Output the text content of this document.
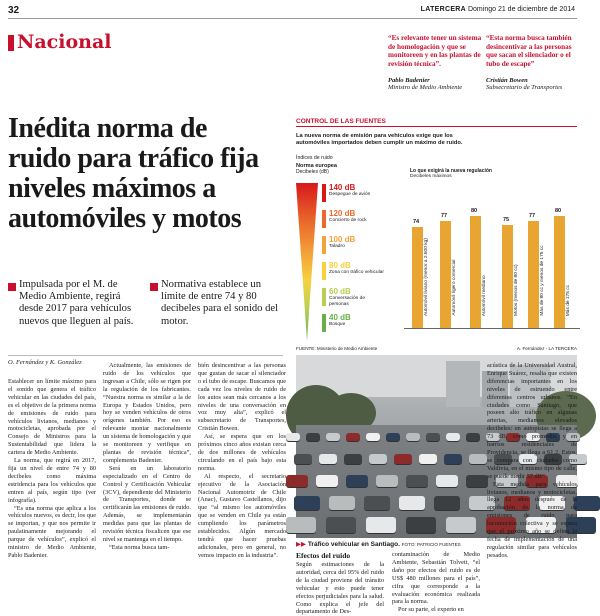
32	LATERCERA Domingo 21 de diciembre de 2014
Nacional	“Es relevante tener un sistema de homologación y que se monitoreen y en las plantas de revisión técnica”.
Pablo Badenier
Ministro de Medio Ambiente
“Esta norma busca también desincentivar a las personas que sacan el silenciador o el tubo de escape”
Cristián Bowen
Subsecretario de Transportes
Inédita norma de ruido para tráfico fija niveles máximos a automóviles y motos
Impulsada por el M. de Medio Ambiente, regirá desde 2017 para vehículos nuevos que lleguen al país.
Normativa establece un límite de entre 74 y 80 decibeles para el sonido del motor.
O. Fernández y K. González

Establecer un límite máximo para el sonido que genera el tráfico vehicular en las ciudades del país, es el objetivo de la primera norma de emisiones de ruido para vehículos livianos, medianos y motocicletas, aprobada por el Consejo de Ministros para la Sustentabilidad que lidera la cartera de Medio Ambiente.

La norma, que regirá en 2017, fija un nivel de entre 74 y 80 decibeles como máxima estridencia para los vehículos que entren al país, según tipo (ver infografía).

“Es una norma que aplica a los vehículos nuevos, es decir, los que se importan, y que nos permite ir paulatinamente mejorando el parque de vehículos”, explicó el ministro de Medio Ambiente, Pablo Badenier.

Actualmente, las emisiones de ruido de los vehículos que ingresan a Chile, sólo se rigen por la regulación de los fabricantes. “Nuestra norma es similar a la de Europa y Estados Unidos, pero hoy se venden vehículos de otros orígenes también. Por eso es relevante montar nacionalmente un sistema de homologación y que se monitoreen y verifique en plantas de revisión técnica”, complementa Badenier.

Será en un laboratorio especializado en el Centro de Control y Certificación Vehicular (3CV), dependiente del Ministerio de Transportes, donde se certificarán las emisiones de ruido. Además, se implementarán medidas para que las plantas de revisión técnica fiscalicen que ese nivel se mantenga en el tiempo.

“Esta norma busca tam-

bién desincentivar a las personas que gustan de sacar el silenciador o el tubo de escape. Buscamos que cada vez los niveles de ruido de los autos sean más cercanos a los niveles de una conversación en voz muy alta”, explicó el subsecretario de Transportes, Cristián Bowen.

Así, se espera que en los próximos cinco años existan cerca de dos millones de vehículos circulando en el país bajo esta norma.

Al respecto, el secretario ejecutivo de la Asociación Nacional Automotriz de Chile (Anac), Gustavo Castellanos, dijo que “al mismo los automóviles que se venden en Chile ya están cumpliendo los parámetros establecidos. Algún mercado tendrá que hacer pruebas adicionales, pero en general, no vemos impacto en la industria”.

CONTROL DE LAS FUENTES
La nueva norma de emisión para vehículos exige que los automóviles importados deben cumplir un máximo de ruido.
Índices de ruido
Norma europea
Decibeles (dB)
140 dB
Despegue de avión
120 dB
Concierto de rock
100 dB
Taladro
80 dB
Zona con tráfico vehicular
60 dB
Conversación de personas
40 dB
Bosque
Lo que exigirá la nueva regulación
Decibeles máximos
74
Automóvil liviano (menor a 2.500 kg)
77
Automóvil ligero comercial
80
Automóvil mediano
75
Motos (menos de 80 cc)
77
Más de 80 cc y menos de 175 cc
80
Más de 175 cc
FUENTE: Ministerio de Medio Ambiente	A. Fernández - LA TERCERA
▶▶ Tráfico vehicular en Santiago. FOTO: PATRICIO FUENTES
Efectos del ruido
Según estimaciones de la autoridad, cerca del 95% del ruido de la ciudad proviene del tránsito vehicular y esto puede tener efectos perjudiciales para la salud. Como explica el jefe del departamento de Des-

contaminación de Medio Ambiente, Sebastián Tolvett, “el daño por efectos del ruido es de US$ 480 millones para el país”, cifra que corresponde a la evaluación económica realizada para la norma.

Por su parte, el experto en

acústica de la Universidad Austral, Enrique Suárez, resalta que existen diferencias importantes en los niveles de estruendo entre diferentes centros urbanos. “En ciudades como Santiago, que poseen alto tráfico en algunas arterias, mediamos elevados decibeles: en autopistas se llega a 73 dB, como promedio, y en barrios residenciales de Providencia, se llega a 61,2. Estos, se compara con ciudades como Valdivia, en el mismo tipo de calle, se puede medir 57 dB”.

Esta medida para vehículos livianos, medianos y motocicletas, llega 12 años después de la aprobación de la norma de emisiones de ruido para locomoción colectiva y se espera que el próximo año se defina la fecha de implementación de una regulación similar para vehículos pesados.
